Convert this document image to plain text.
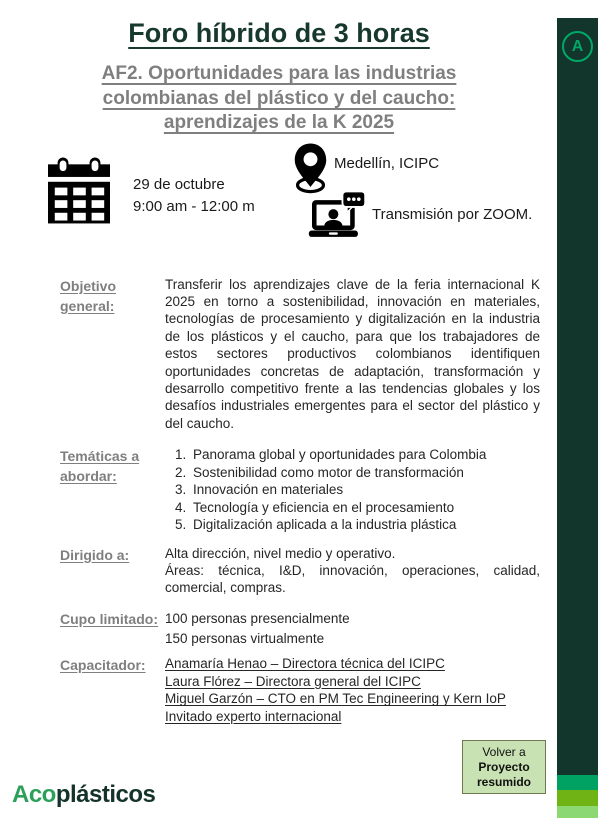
A
Foro híbrido de 3 horas
AF2. Oportunidades para las industrias
colombianas del plástico y del caucho:
aprendizajes de la K 2025
29 de octubre
9:00 am - 12:00 m
Medellín, ICIPC
Transmisión por ZOOM.
Objetivo general:

Transferir los aprendizajes clave de la feria internacional K 2025 en torno a sostenibilidad, innovación en materiales, tecnologías de procesamiento y digitalización en la industria de los plásticos y el caucho, para que los trabajadores de estos sectores productivos colombianos identifiquen oportunidades concretas de adaptación, transformación y desarrollo competitivo frente a las tendencias globales y los desafíos industriales emergentes para el sector del plástico y del caucho.

Temáticas a abordar:
1. Panorama global y oportunidades para Colombia
2. Sostenibilidad como motor de transformación
3. Innovación en materiales
4. Tecnología y eficiencia en el procesamiento
5. Digitalización aplicada a la industria plástica
Dirigido a:	Alta dirección, nivel medio y operativo.

Áreas: técnica, I&D, innovación, operaciones, calidad, comercial, compras.

Cupo limitado: 100 personas presencialmente

150 personas virtualmente

Capacitador:	Anamaría Henao – Directora técnica del ICIPC

Laura Flórez – Directora general del ICIPC

Miguel Garzón – CTO en PM Tec Engineering y Kern IoP

Invitado experto internacional

Acoplásticos
Volver a
Proyecto
resumido
